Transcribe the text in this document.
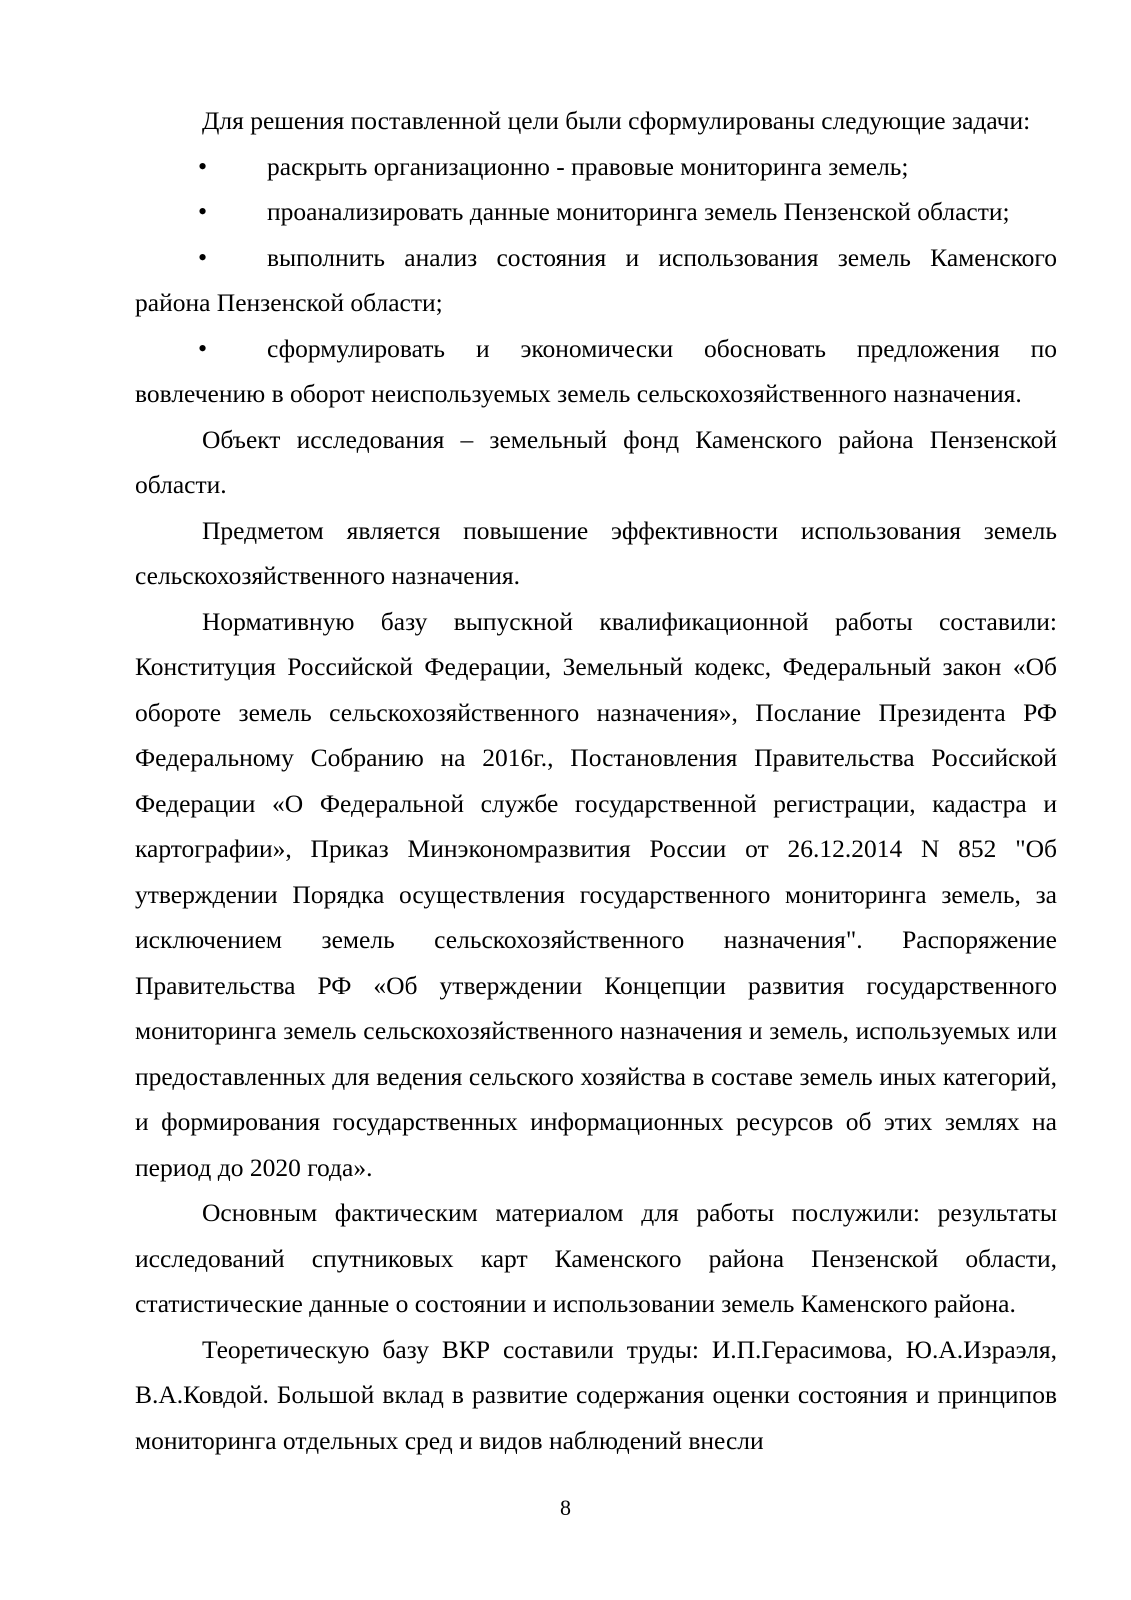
Для решения поставленной цели были сформулированы следующие задачи:

• раскрыть организационно - правовые мониторинга земель;

• проанализировать данные мониторинга земель Пензенской области;

• выполнить анализ состояния и использования земель Каменского района Пензенской области;

• сформулировать и экономически обосновать предложения по вовлечению в оборот неиспользуемых земель сельскохозяйственного назначения.

Объект исследования – земельный фонд Каменского района Пензенской области.

Предметом является повышение эффективности использования земель сельскохозяйственного назначения.

Нормативную базу выпускной квалификационной работы составили: Конституция Российской Федерации, Земельный кодекс, Федеральный закон «Об обороте земель сельскохозяйственного назначения», Послание Президента РФ Федеральному Собранию на 2016г., Постановления Правительства Российской Федерации «О Федеральной службе государственной регистрации, кадастра и картографии», Приказ Минэкономразвития России от 26.12.2014 N 852 "Об утверждении Порядка осуществления государственного мониторинга земель, за исключением земель сельскохозяйственного назначения". Распоряжение Правительства РФ «Об утверждении Концепции развития государственного мониторинга земель сельскохозяйственного назначения и земель, используемых или предоставленных для ведения сельского хозяйства в составе земель иных категорий, и формирования государственных информационных ресурсов об этих землях на период до 2020 года».

Основным фактическим материалом для работы послужили: результаты исследований спутниковых карт Каменского района Пензенской области, статистические данные о состоянии и использовании земель Каменского района.

Теоретическую базу ВКР составили труды: И.П.Герасимова, Ю.А.Израэля, В.А.Ковдой. Большой вклад в развитие содержания оценки состояния и принципов мониторинга отдельных сред и видов наблюдений внесли

8
